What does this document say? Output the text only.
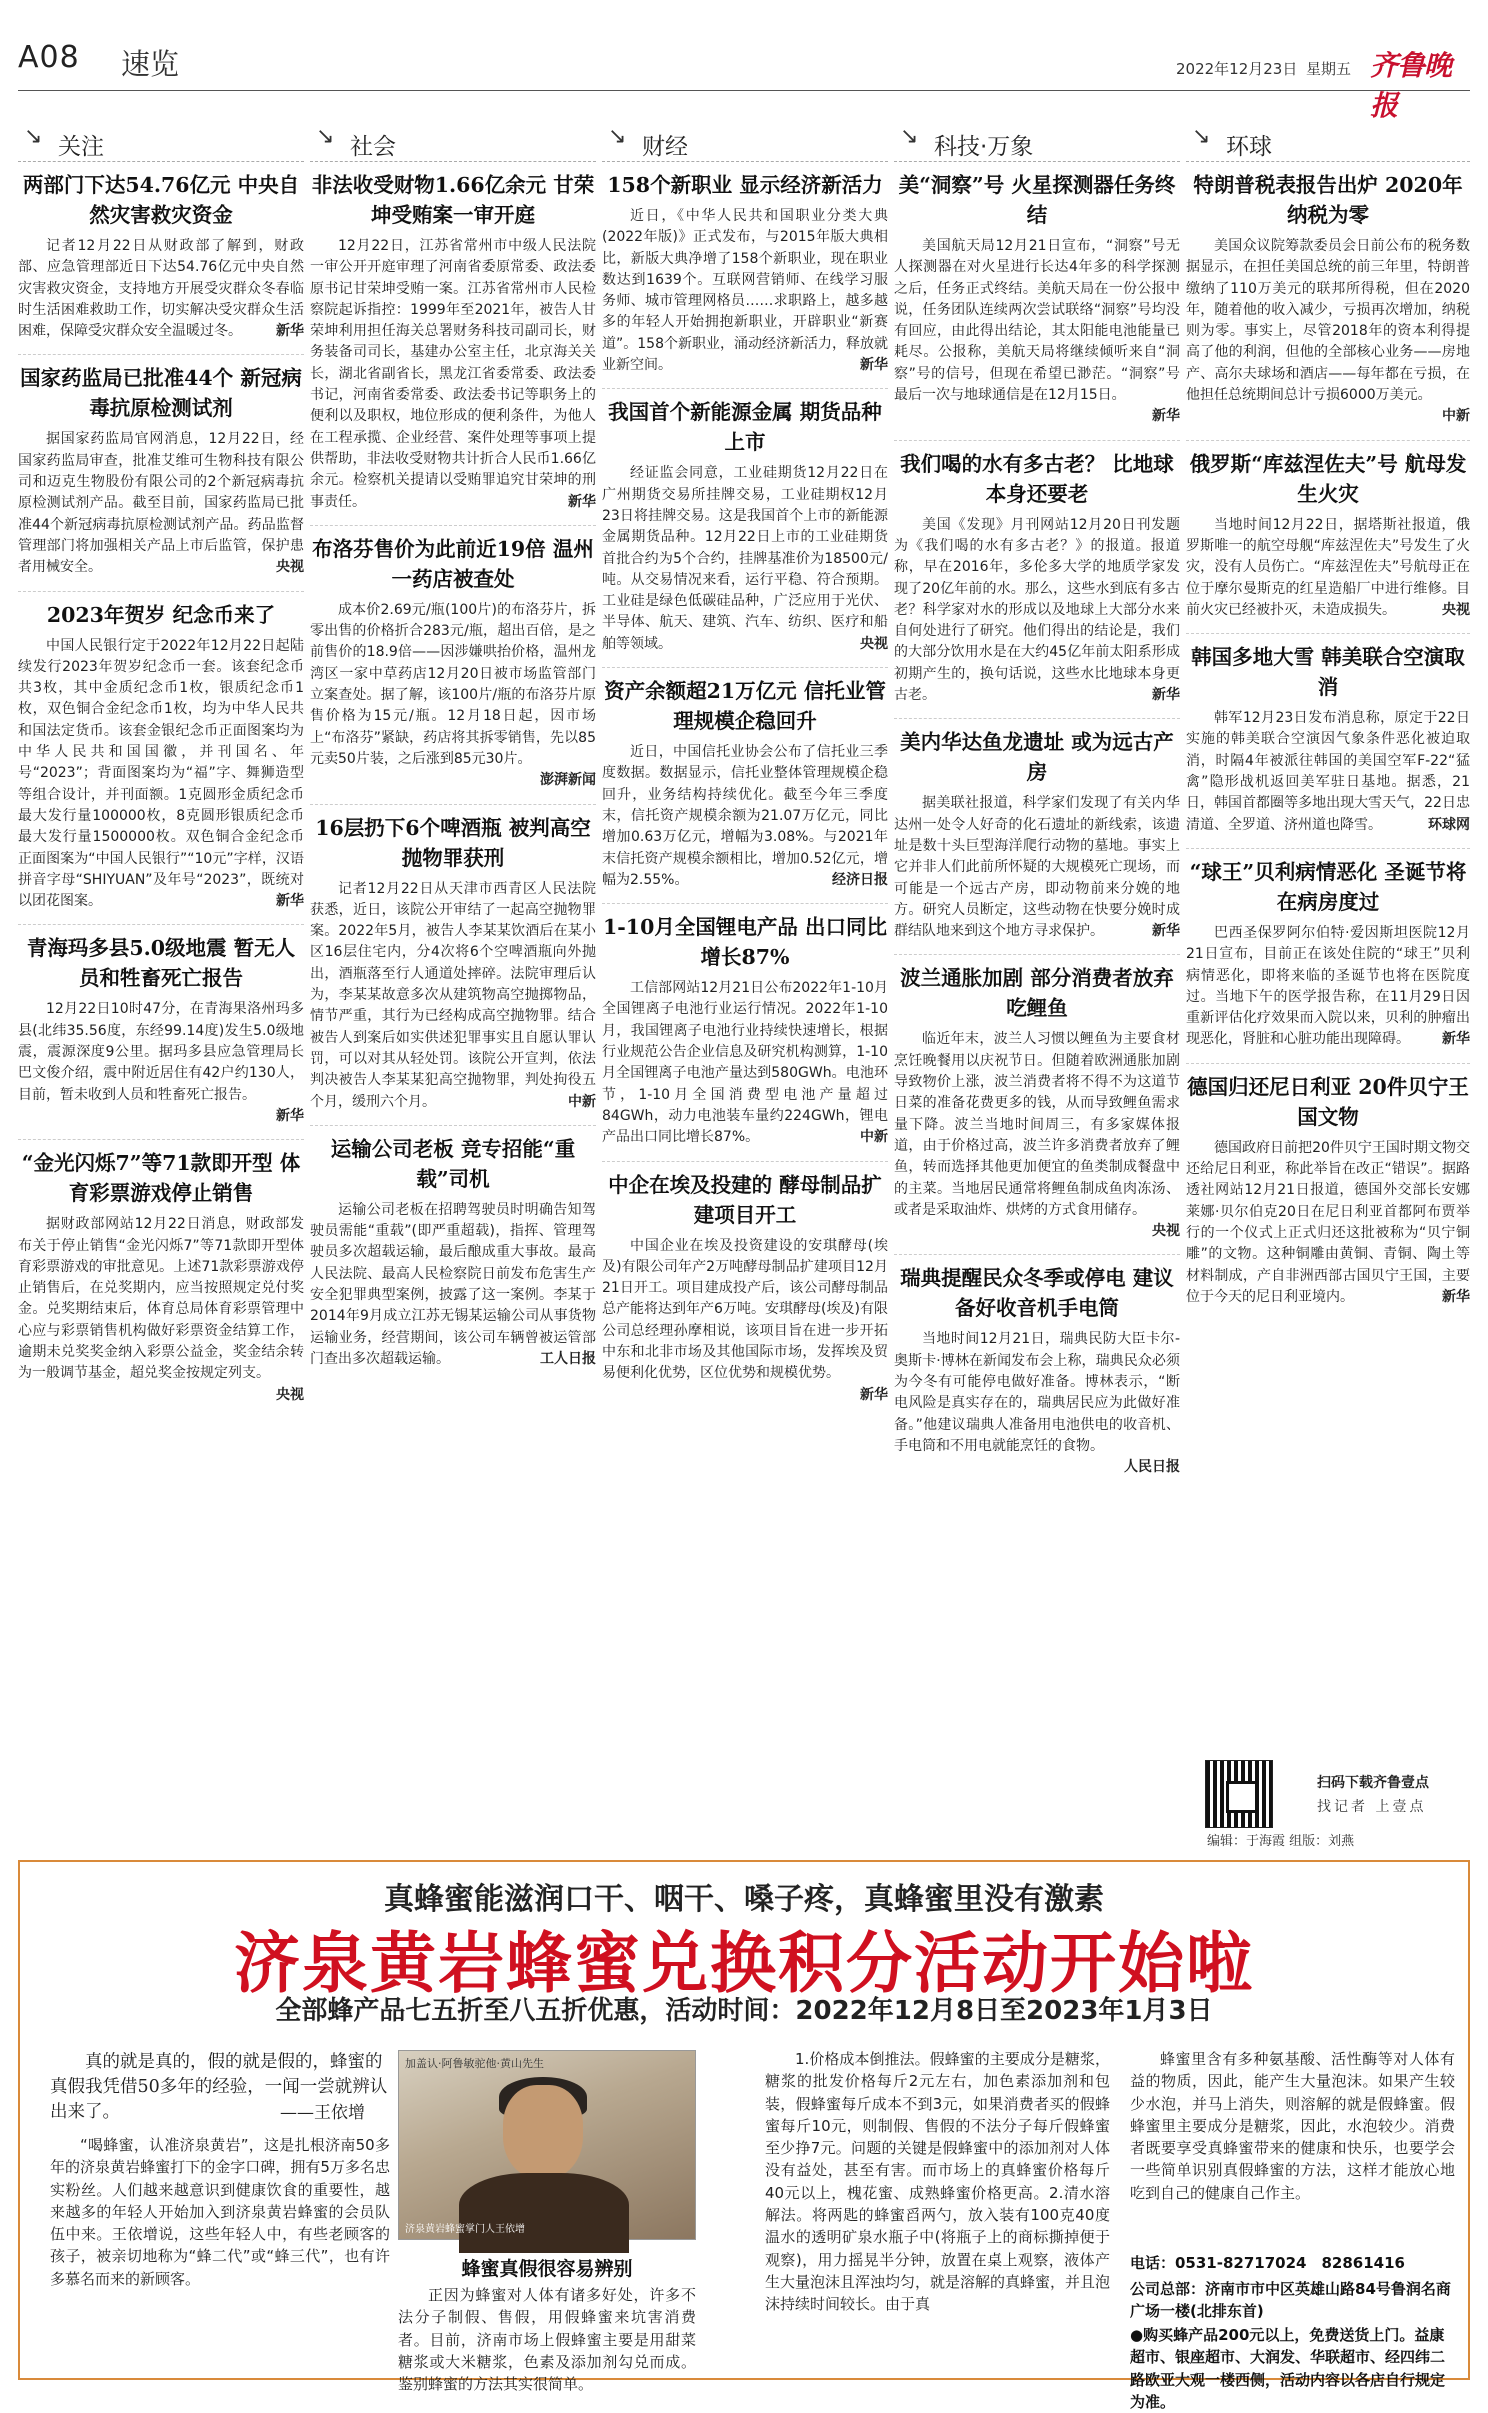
A08 速览	2022年12月23日 星期五 齐鲁晚报
↘ 关注
两部门下达54.76亿元 中央自然灾害救灾资金

记者12月22日从财政部了解到，财政部、应急管理部近日下达54.76亿元中央自然灾害救灾资金，支持地方开展受灾群众冬春临时生活困难救助工作，切实解决受灾群众生活困难，保障受灾群众安全温暖过冬。	新华

国家药监局已批准44个 新冠病毒抗原检测试剂

据国家药监局官网消息，12月22日，经国家药监局审查，批准艾维可生物科技有限公司和迈克生物股份有限公司的2个新冠病毒抗原检测试剂产品。截至目前，国家药监局已批准44个新冠病毒抗原检测试剂产品。药品监督管理部门将加强相关产品上市后监管，保护患者用械安全。	央视

2023年贺岁 纪念币来了

中国人民银行定于2022年12月22日起陆续发行2023年贺岁纪念币一套。该套纪念币共3枚，其中金质纪念币1枚，银质纪念币1枚，双色铜合金纪念币1枚，均为中华人民共和国法定货币。该套金银纪念币正面图案均为中华人民共和国国徽，并刊国名、年号“2023”；背面图案均为“福”字、舞狮造型等组合设计，并刊面额。1克圆形金质纪念币最大发行量100000枚，8克圆形银质纪念币最大发行量1500000枚。双色铜合金纪念币正面图案为“中国人民银行”“10元”字样，汉语拼音字母“SHIYUAN”及年号“2023”，既统对以团花图案。	新华

青海玛多县5.0级地震 暂无人员和牲畜死亡报告

12月22日10时47分，在青海果洛州玛多县(北纬35.56度，东经99.14度)发生5.0级地震，震源深度9公里。据玛多县应急管理局长巴文俊介绍，震中附近居住有42户约130人，目前，暂未收到人员和牲畜死亡报告。
新华

“金光闪烁7”等71款即开型 体育彩票游戏停止销售

据财政部网站12月22日消息，财政部发布关于停止销售“金光闪烁7”等71款即开型体育彩票游戏的审批意见。上述71款彩票游戏停止销售后，在兑奖期内，应当按照规定兑付奖金。兑奖期结束后，体育总局体育彩票管理中心应与彩票销售机构做好彩票资金结算工作，逾期未兑奖奖金纳入彩票公益金，奖金结余转为一般调节基金，超兑奖金按规定列支。
央视

↘ 社会
非法收受财物1.66亿余元 甘荣坤受贿案一审开庭

12月22日，江苏省常州市中级人民法院一审公开开庭审理了河南省委原常委、政法委原书记甘荣坤受贿一案。江苏省常州市人民检察院起诉指控：1999年至2021年，被告人甘荣坤利用担任海关总署财务科技司副司长，财务装备司司长，基建办公室主任，北京海关关长，湖北省副省长，黑龙江省委常委、政法委书记，河南省委常委、政法委书记等职务上的便利以及职权，地位形成的便利条件，为他人在工程承揽、企业经营、案件处理等事项上提供帮助，非法收受财物共计折合人民币1.66亿余元。检察机关提请以受贿罪追究甘荣坤的刑事责任。	新华

布洛芬售价为此前近19倍 温州一药店被查处

成本价2.69元/瓶(100片)的布洛芬片，拆零出售的价格折合283元/瓶，超出百倍，是之前售价的18.9倍——因涉嫌哄抬价格，温州龙湾区一家中草药店12月20日被市场监管部门立案查处。据了解，该100片/瓶的布洛芬片原售价格为15元/瓶。12月18日起，因市场上“布洛芬”紧缺，药店将其拆零销售，先以85元卖50片装，之后涨到85元30片。
澎湃新闻

16层扔下6个啤酒瓶 被判高空抛物罪获刑

记者12月22日从天津市西青区人民法院获悉，近日，该院公开审结了一起高空抛物罪案。2022年5月，被告人李某某饮酒后在某小区16层住宅内，分4次将6个空啤酒瓶向外抛出，酒瓶落至行人通道处摔碎。法院审理后认为，李某某故意多次从建筑物高空抛掷物品，情节严重，其行为已经构成高空抛物罪。结合被告人到案后如实供述犯罪事实且自愿认罪认罚，可以对其从轻处罚。该院公开宣判，依法判决被告人李某某犯高空抛物罪，判处拘役五个月，缓刑六个月。	中新

运输公司老板 竞专招能“重载”司机

运输公司老板在招聘驾驶员时明确告知驾驶员需能“重载”(即严重超载)，指挥、管理驾驶员多次超载运输，最后酿成重大事故。最高人民法院、最高人民检察院日前发布危害生产安全犯罪典型案例，披露了这一案例。李某于2014年9月成立江苏无锡某运输公司从事货物运输业务，经营期间，该公司车辆曾被运管部门查出多次超载运输。	工人日报

↘ 财经
158个新职业 显示经济新活力

近日，《中华人民共和国职业分类大典(2022年版)》正式发布，与2015年版大典相比，新版大典净增了158个新职业，现在职业数达到1639个。互联网营销师、在线学习服务师、城市管理网格员……求职路上，越多越多的年轻人开始拥抱新职业，开辟职业“新赛道”。158个新职业，涌动经济新活力，释放就业新空间。	新华

我国首个新能源金属 期货品种上市

经证监会同意，工业硅期货12月22日在广州期货交易所挂牌交易，工业硅期权12月23日将挂牌交易。这是我国首个上市的新能源金属期货品种。12月22日上市的工业硅期货首批合约为5个合约，挂牌基准价为18500元/吨。从交易情况来看，运行平稳、符合预期。工业硅是绿色低碳硅品种，广泛应用于光伏、半导体、航天、建筑、汽车、纺织、医疗和船舶等领域。	央视

资产余额超21万亿元 信托业管理规模企稳回升

近日，中国信托业协会公布了信托业三季度数据。数据显示，信托业整体管理规模企稳回升，业务结构持续优化。截至今年三季度末，信托资产规模余额为21.07万亿元，同比增加0.63万亿元，增幅为3.08%。与2021年末信托资产规模余额相比，增加0.52亿元，增幅为2.55%。	经济日报

1-10月全国锂电产品 出口同比增长87%

工信部网站12月21日公布2022年1-10月全国锂离子电池行业运行情况。2022年1-10月，我国锂离子电池行业持续快速增长，根据行业规范公告企业信息及研究机构测算，1-10月全国锂离子电池产量达到580GWh。电池环节，1-10月全国消费型电池产量超过84GWh，动力电池装车量约224GWh，锂电产品出口同比增长87%。	中新

中企在埃及投建的 酵母制品扩建项目开工

中国企业在埃及投资建设的安琪酵母(埃及)有限公司年产2万吨酵母制品扩建项目12月21日开工。项目建成投产后，该公司酵母制品总产能将达到年产6万吨。安琪酵母(埃及)有限公司总经理孙摩相说，该项目旨在进一步开拓中东和北非市场及其他国际市场，发挥埃及贸易便利化优势，区位优势和规模优势。
新华

↘ 科技·万象
美“洞察”号 火星探测器任务终结

美国航天局12月21日宣布，“洞察”号无人探测器在对火星进行长达4年多的科学探测之后，任务正式终结。美航天局在一份公报中说，任务团队连续两次尝试联络“洞察”号均没有回应，由此得出结论，其太阳能电池能量已耗尽。公报称，美航天局将继续倾听来自“洞察”号的信号，但现在希望已渺茫。“洞察”号最后一次与地球通信是在12月15日。
新华

我们喝的水有多古老？ 比地球本身还要老

美国《发现》月刊网站12月20日刊发题为《我们喝的水有多古老？》的报道。报道称，早在2016年，多伦多大学的地质学家发现了20亿年前的水。那么，这些水到底有多古老？科学家对水的形成以及地球上大部分水来自何处进行了研究。他们得出的结论是，我们的大部分饮用水是在大约45亿年前太阳系形成初期产生的，换句话说，这些水比地球本身更古老。	新华

美内华达鱼龙遗址 或为远古产房

据美联社报道，科学家们发现了有关内华达州一处令人好奇的化石遗址的新线索，该遗址是数十头巨型海洋爬行动物的墓地。事实上它并非人们此前所怀疑的大规模死亡现场，而可能是一个远古产房，即动物前来分娩的地方。研究人员断定，这些动物在快要分娩时成群结队地来到这个地方寻求保护。	新华

波兰通胀加剧 部分消费者放弃吃鲤鱼

临近年末，波兰人习惯以鲤鱼为主要食材烹饪晚餐用以庆祝节日。但随着欧洲通胀加剧导致物价上涨，波兰消费者将不得不为这道节日菜的准备花费更多的钱，从而导致鲤鱼需求量下降。波兰当地时间周三，有多家媒体报道，由于价格过高，波兰许多消费者放弃了鲤鱼，转而选择其他更加便宜的鱼类制成餐盘中的主菜。当地居民通常将鲤鱼制成鱼肉冻汤、或者是采取油炸、烘烤的方式食用储存。
央视

瑞典提醒民众冬季或停电 建议备好收音机手电筒

当地时间12月21日，瑞典民防大臣卡尔-奥斯卡·博林在新闻发布会上称，瑞典民众必须为今冬有可能停电做好准备。博林表示，“断电风险是真实存在的，瑞典居民应为此做好准备。”他建议瑞典人准备用电池供电的收音机、手电筒和不用电就能烹饪的食物。
人民日报

↘ 环球
特朗普税表报告出炉 2020年纳税为零

美国众议院筹款委员会日前公布的税务数据显示，在担任美国总统的前三年里，特朗普缴纳了110万美元的联邦所得税，但在2020年，随着他的收入减少，亏损再次增加，纳税则为零。事实上，尽管2018年的资本利得提高了他的利润，但他的全部核心业务——房地产、高尔夫球场和酒店——每年都在亏损，在他担任总统期间总计亏损6000万美元。
中新

俄罗斯“库兹涅佐夫”号 航母发生火灾

当地时间12月22日，据塔斯社报道，俄罗斯唯一的航空母舰“库兹涅佐夫”号发生了火灾，没有人员伤亡。“库兹涅佐夫”号航母正在位于摩尔曼斯克的红星造船厂中进行维修。目前火灾已经被扑灭，未造成损失。	央视

韩国多地大雪 韩美联合空演取消

韩军12月23日发布消息称，原定于22日实施的韩美联合空演因气象条件恶化被迫取消，时隔4年被派往韩国的美国空军F-22“猛禽”隐形战机返回美军驻日基地。据悉，21日，韩国首都圈等多地出现大雪天气，22日忠清道、全罗道、济州道也降雪。	环球网

“球王”贝利病情恶化 圣诞节将在病房度过

巴西圣保罗阿尔伯特·爱因斯坦医院12月21日宣布，目前正在该处住院的“球王”贝利病情恶化，即将来临的圣诞节也将在医院度过。当地下午的医学报告称，在11月29日因重新评估化疗效果而入院以来，贝利的肿瘤出现恶化，肾脏和心脏功能出现障碍。	新华

德国归还尼日利亚 20件贝宁王国文物

德国政府日前把20件贝宁王国时期文物交还给尼日利亚，称此举旨在改正“错误”。据路透社网站12月21日报道，德国外交部长安娜莱娜·贝尔伯克20日在尼日利亚首都阿布贾举行的一个仪式上正式归还这批被称为“贝宁铜雕”的文物。这种铜雕由黄铜、青铜、陶土等材料制成，产自非洲西部古国贝宁王国，主要位于今天的尼日利亚境内。	新华

扫码下载齐鲁壹点
找记者 上壹点
编辑：于海霞 组版：刘燕
真蜂蜜能滋润口干、咽干、嗓子疼，真蜂蜜里没有激素
济泉黄岩蜂蜜兑换积分活动开始啦
全部蜂产品七五折至八五折优惠，活动时间：2022年12月8日至2023年1月3日
真的就是真的，假的就是假的，蜂蜜的真假我凭借50多年的经验，一闻一尝就辨认出来了。	——王依增
“喝蜂蜜，认准济泉黄岩”，这是扎根济南50多年的济泉黄岩蜂蜜打下的金字口碑，拥有5万多名忠实粉丝。人们越来越意识到健康饮食的重要性，越来越多的年轻人开始加入到济泉黄岩蜂蜜的会员队伍中来。王依增说，这些年轻人中，有些老顾客的孩子，被亲切地称为“蜂二代”或“蜂三代”，也有许多慕名而来的新顾客。
加盖认·阿鲁敏驼他·黄山先生
济泉黄岩蜂蜜掌门人王依增
蜂蜜真假很容易辨别
正因为蜂蜜对人体有诸多好处，许多不法分子制假、售假，用假蜂蜜来坑害消费者。目前，济南市场上假蜂蜜主要是用甜菜糖浆或大米糖浆，色素及添加剂勾兑而成。鉴别蜂蜜的方法其实很简单。
1.价格成本倒推法。假蜂蜜的主要成分是糖浆，糖浆的批发价格每斤2元左右，加色素添加剂和包装，假蜂蜜每斤成本不到3元，如果消费者买的假蜂蜜每斤10元，则制假、售假的不法分子每斤假蜂蜜至少挣7元。问题的关键是假蜂蜜中的添加剂对人体没有益处，甚至有害。而市场上的真蜂蜜价格每斤40元以上，槐花蜜、成熟蜂蜜价格更高。2.清水溶解法。将两匙的蜂蜜舀两勺，放入装有100克40度温水的透明矿泉水瓶子中(将瓶子上的商标撕掉便于观察)，用力摇晃半分钟，放置在桌上观察，液体产生大量泡沫且浑浊均匀，就是溶解的真蜂蜜，并且泡沫持续时间较长。由于真
蜂蜜里含有多种氨基酸、活性酶等对人体有益的物质，因此，能产生大量泡沫。如果产生较少水泡，并马上消失，则溶解的就是假蜂蜜。假蜂蜜里主要成分是糖浆，因此，水泡较少。消费者既要享受真蜂蜜带来的健康和快乐，也要学会一些简单识别真假蜂蜜的方法，这样才能放心地吃到自己的健康自己作主。
电话：0531-82717024　82861416
公司总部：济南市市中区英雄山路84号鲁润名商广场一楼(北排东首)
●购买蜂产品200元以上，免费送货上门。益康超市、银座超市、大润发、华联超市、经四纬二路欧亚大观一楼西侧，活动内容以各店自行规定为准。
